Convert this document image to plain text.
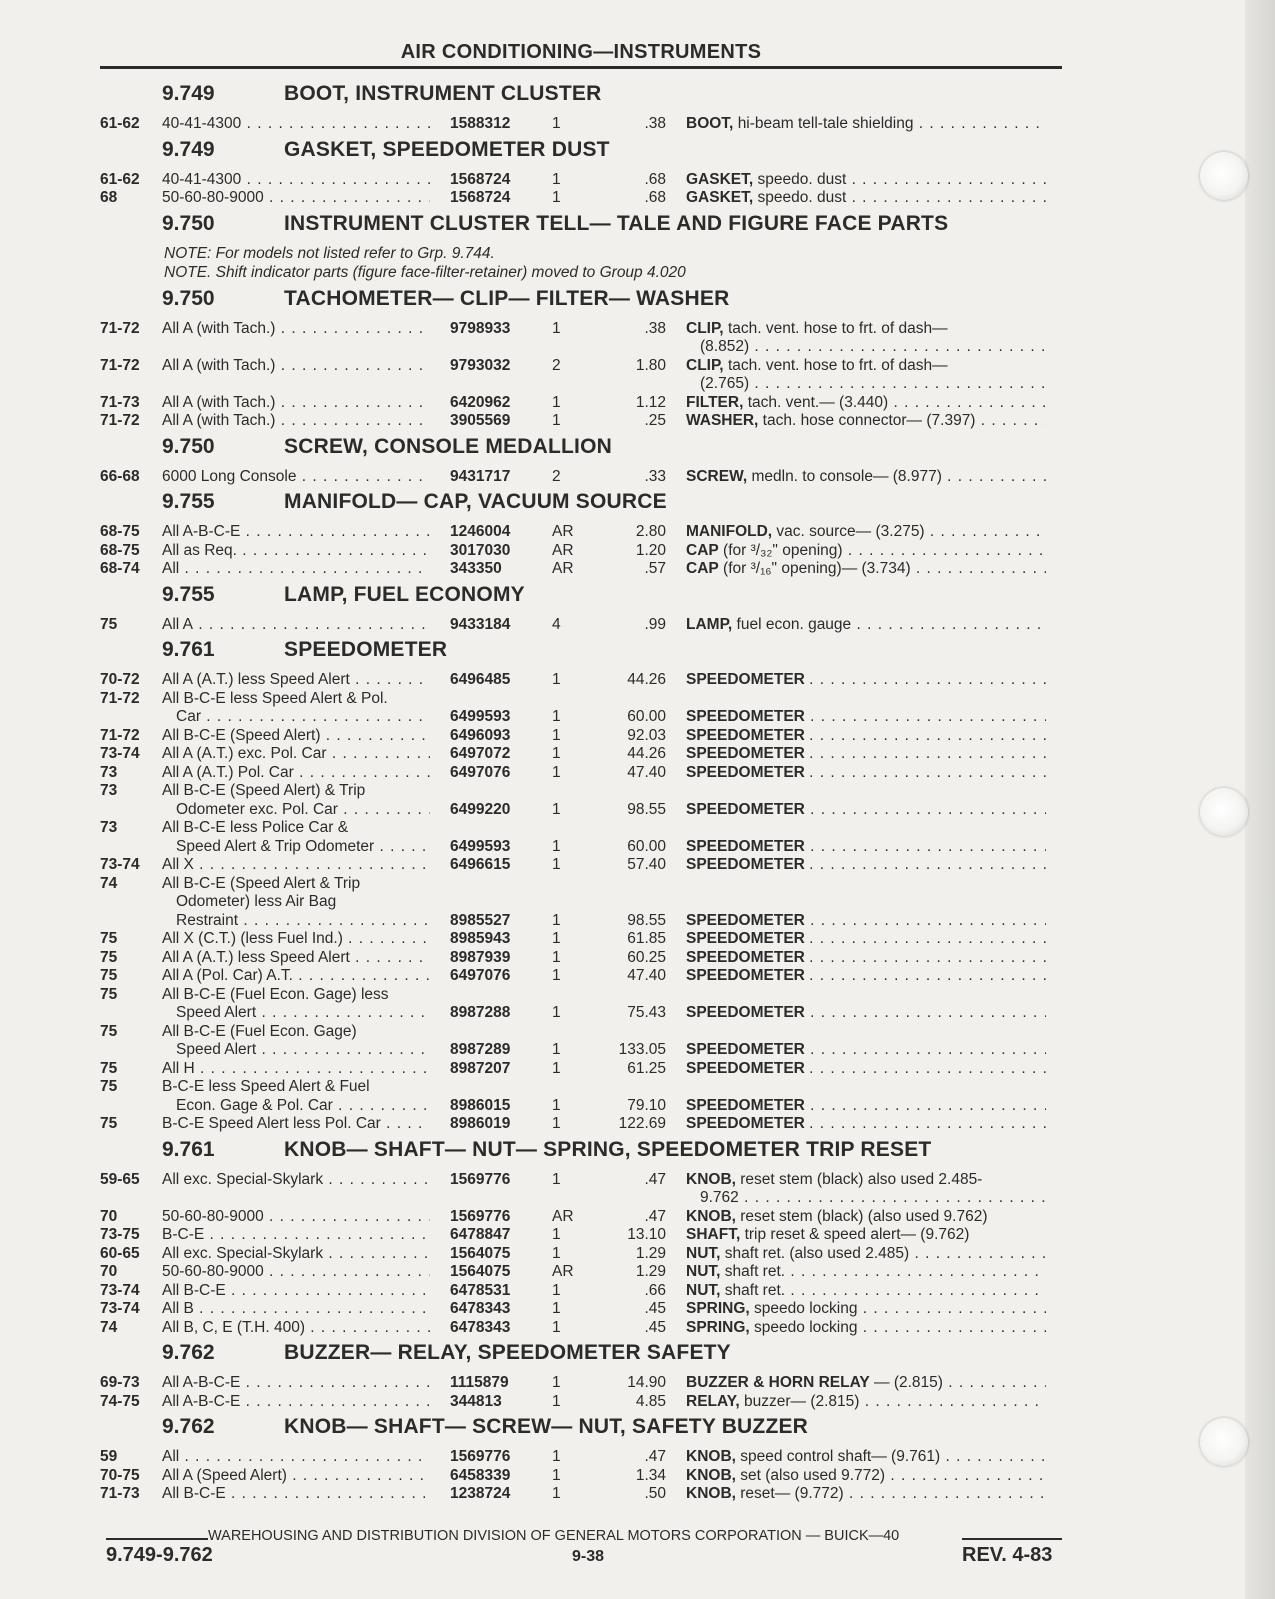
AIR CONDITIONING—INSTRUMENTS
9.749	BOOT, INSTRUMENT CLUSTER
61-62 40-41-4300 . . .	1588312	1	.38 BOOT, hi-beam tell-tale shielding . . .
9.749	GASKET, SPEEDOMETER DUST
61-62 40-41-4300 . . .	1568724	1	.68 GASKET, speedo. dust . . .
68	50-60-80-9000 . . .	1568724	1	.68 GASKET, speedo. dust . . .
9.750	INSTRUMENT CLUSTER TELL— TALE AND FIGURE FACE PARTS
NOTE: For models not listed refer to Grp. 9.744.
NOTE. Shift indicator parts (figure face-filter-retainer) moved to Group 4.020
9.750	TACHOMETER— CLIP— FILTER— WASHER
71-72 All A (with Tach.) . . .	9798933	1	.38 CLIP, tach. vent. hose to frt. of dash—
(8.852) . . .
71-72 All A (with Tach.) . . .	9793032	2	1.80 CLIP, tach. vent. hose to frt. of dash—
(2.765) . . .
71-73 All A (with Tach.) . . .	6420962	1	1.12 FILTER, tach. vent.— (3.440) . . .
71-72 All A (with Tach.) . . .	3905569	1	.25 WASHER, tach. hose connector— (7.397) . . .
9.750	SCREW, CONSOLE MEDALLION
66-68 6000 Long Console . . .	9431717	2	.33 SCREW, medln. to console— (8.977) . . .
9.755	MANIFOLD— CAP, VACUUM SOURCE
68-75 All A-B-C-E . . .	1246004	AR	2.80 MANIFOLD, vac. source— (3.275) . . .
68-75 All as Req. . . .	3017030	AR	1.20 CAP (for ³/₃₂" opening) . . .
68-74 All . . .	343350	AR	.57 CAP (for ³/₁₆" opening)— (3.734) . . .
9.755	LAMP, FUEL ECONOMY
75	All A . . .	9433184	4	.99 LAMP, fuel econ. gauge . . .
9.761	SPEEDOMETER
70-72 All A (A.T.) less Speed Alert . . .	6496485	1	44.26 SPEEDOMETER . . .
71-72 All B-C-E less Speed Alert & Pol.
Car . . .	6499593	1	60.00 SPEEDOMETER . . .
71-72 All B-C-E (Speed Alert) . . .	6496093	1	92.03 SPEEDOMETER . . .
73-74 All A (A.T.) exc. Pol. Car . . .	6497072	1	44.26 SPEEDOMETER . . .
73	All A (A.T.) Pol. Car . . .	6497076	1	47.40 SPEEDOMETER . . .
73	All B-C-E (Speed Alert) & Trip
Odometer exc. Pol. Car . . .	6499220	1	98.55 SPEEDOMETER . . .
73	All B-C-E less Police Car &
Speed Alert & Trip Odometer . . .	6499593	1	60.00 SPEEDOMETER . . .
73-74 All X . . .	6496615	1	57.40 SPEEDOMETER . . .
74	All B-C-E (Speed Alert & Trip
Odometer) less Air Bag
Restraint . . .	8985527	1	98.55 SPEEDOMETER . . .
75	All X (C.T.) (less Fuel Ind.) . . .	8985943	1	61.85 SPEEDOMETER . . .
75	All A (A.T.) less Speed Alert . . .	8987939	1	60.25 SPEEDOMETER . . .
75	All A (Pol. Car) A.T. . . .	6497076	1	47.40 SPEEDOMETER . . .
75	All B-C-E (Fuel Econ. Gage) less
Speed Alert . . .	8987288	1	75.43 SPEEDOMETER . . .
75	All B-C-E (Fuel Econ. Gage)
Speed Alert . . .	8987289	1	133.05 SPEEDOMETER . . .
75	All H . . .	8987207	1	61.25 SPEEDOMETER . . .
75	B-C-E less Speed Alert & Fuel
Econ. Gage & Pol. Car . . .	8986015	1	79.10 SPEEDOMETER . . .
75	B-C-E Speed Alert less Pol. Car . . .	8986019	1	122.69 SPEEDOMETER . . .
9.761	KNOB— SHAFT— NUT— SPRING, SPEEDOMETER TRIP RESET
59-65 All exc. Special-Skylark . . .	1569776	1	.47 KNOB, reset stem (black) also used 2.485-
9.762 . . .
70	50-60-80-9000 . . .	1569776	AR	.47 KNOB, reset stem (black) (also used 9.762)
73-75 B-C-E . . .	6478847	1	13.10 SHAFT, trip reset & speed alert— (9.762)
60-65 All exc. Special-Skylark . . .	1564075	1	1.29 NUT, shaft ret. (also used 2.485) . . .
70	50-60-80-9000 . . .	1564075	AR	1.29 NUT, shaft ret. . . .
73-74 All B-C-E . . .	6478531	1	.66 NUT, shaft ret. . . .
73-74 All B . . .	6478343	1	.45 SPRING, speedo locking . . .
74	All B, C, E (T.H. 400) . . .	6478343	1	.45 SPRING, speedo locking . . .
9.762	BUZZER— RELAY, SPEEDOMETER SAFETY
69-73 All A-B-C-E . . .	1115879	1	14.90 BUZZER & HORN RELAY — (2.815) . . .
74-75 All A-B-C-E . . .	344813	1	4.85 RELAY, buzzer— (2.815) . . .
9.762	KNOB— SHAFT— SCREW— NUT, SAFETY BUZZER
59	All . . .	1569776	1	.47 KNOB, speed control shaft— (9.761) . . .
70-75 All A (Speed Alert) . . .	6458339	1	1.34 KNOB, set (also used 9.772) . . .
71-73 All B-C-E . . .	1238724	1	.50 KNOB, reset— (9.772) . . .
WAREHOUSING AND DISTRIBUTION DIVISION OF GENERAL MOTORS CORPORATION — BUICK—40
9.749-9.762	9-38	REV. 4-83
